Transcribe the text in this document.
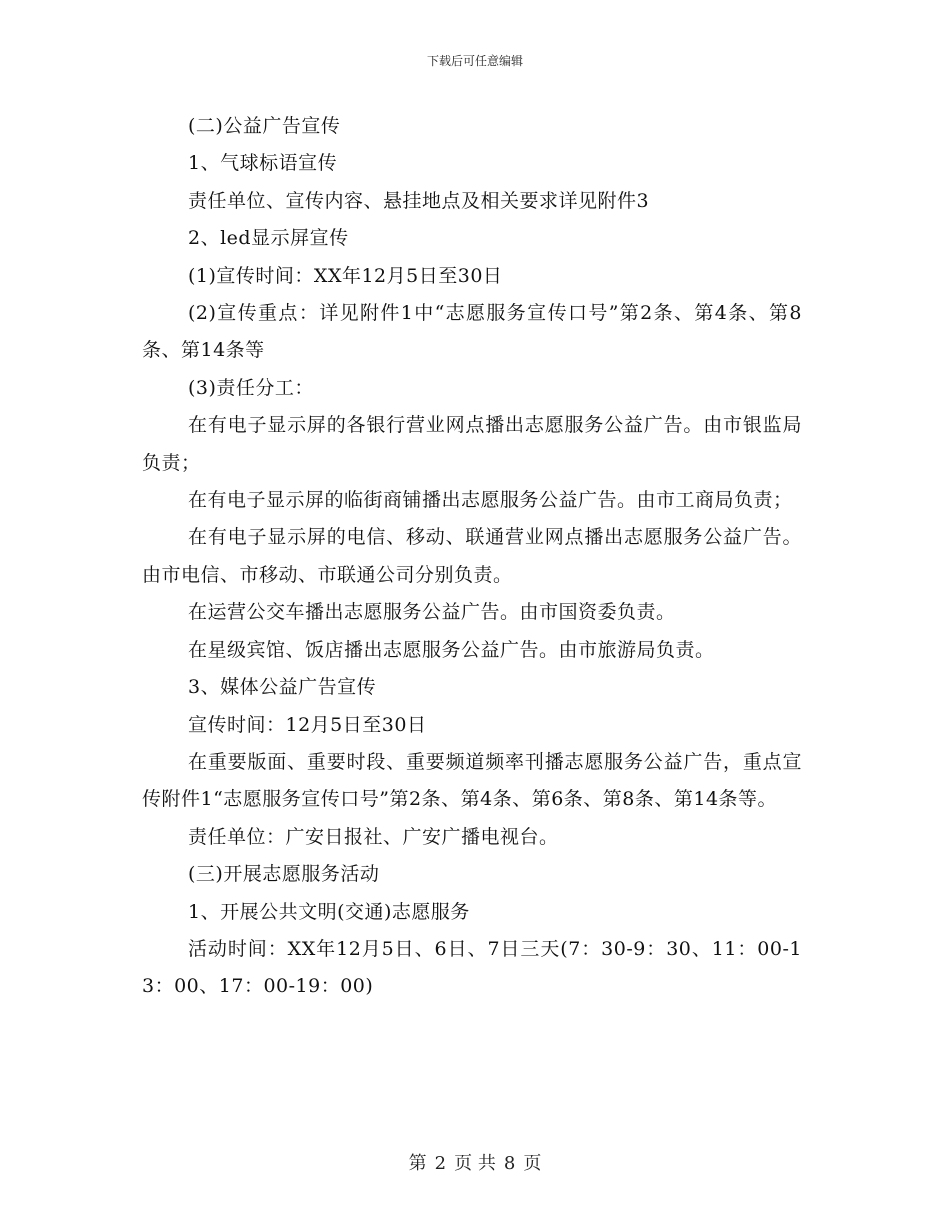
下载后可任意编辑

(二)公益广告宣传

1、气球标语宣传

责任单位、宣传内容、悬挂地点及相关要求详见附件3

2、led显示屏宣传

(1)宣传时间：XX年12月5日至30日

(2)宣传重点：详见附件1中“志愿服务宣传口号”第2条、第4条、第8条、第14条等

(3)责任分工：

在有电子显示屏的各银行营业网点播出志愿服务公益广告。由市银监局负责；

在有电子显示屏的临街商铺播出志愿服务公益广告。由市工商局负责；

在有电子显示屏的电信、移动、联通营业网点播出志愿服务公益广告。由市电信、市移动、市联通公司分别负责。

在运营公交车播出志愿服务公益广告。由市国资委负责。

在星级宾馆、饭店播出志愿服务公益广告。由市旅游局负责。

3、媒体公益广告宣传

宣传时间：12月5日至30日

在重要版面、重要时段、重要频道频率刊播志愿服务公益广告，重点宣传附件1“志愿服务宣传口号”第2条、第4条、第6条、第8条、第14条等。

责任单位：广安日报社、广安广播电视台。

(三)开展志愿服务活动

1、开展公共文明(交通)志愿服务

活动时间：XX年12月5日、6日、7日三天(7：30-9：30、11：00-13：00、17：00-19：00)

第 2 页 共 8 页
